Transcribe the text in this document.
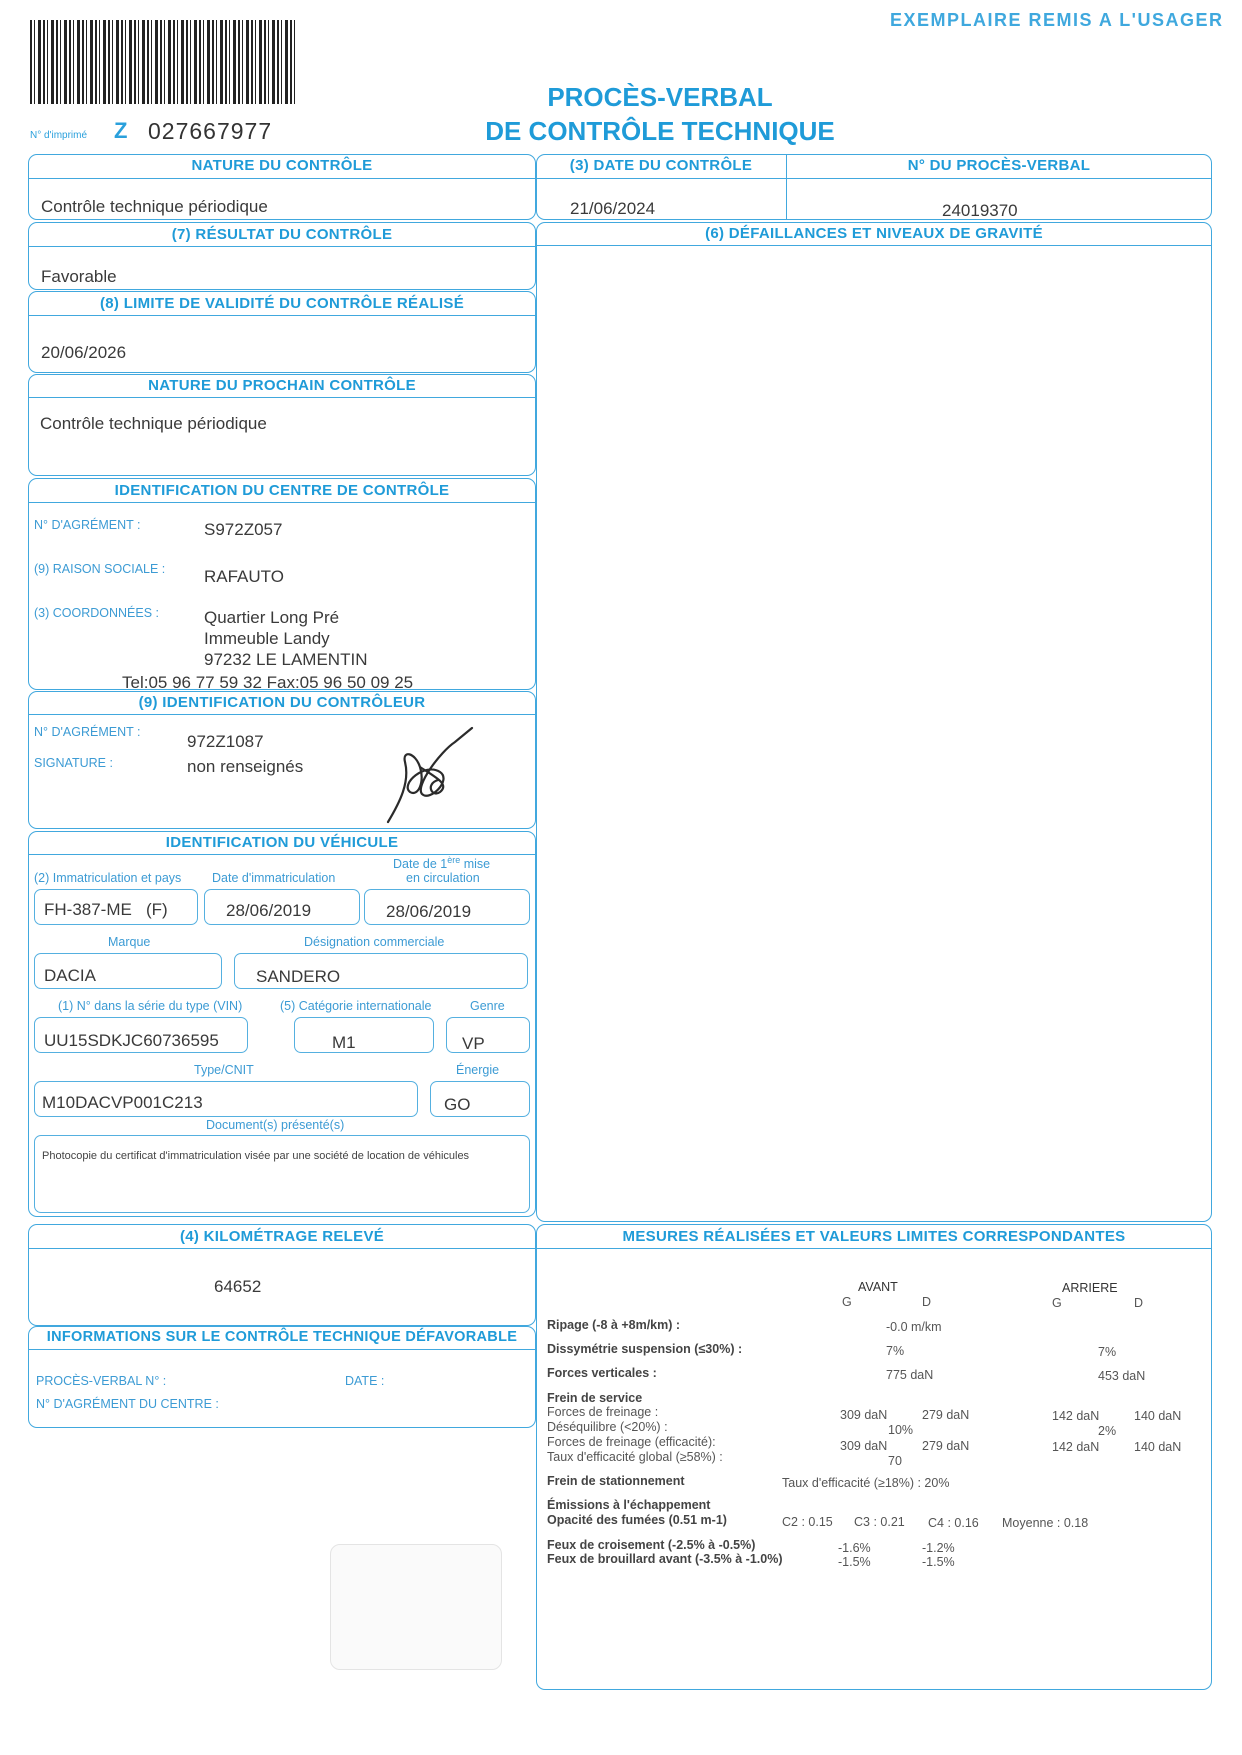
EXEMPLAIRE REMIS A L'USAGER
N° d'imprimé Z 027667977
PROCÈS-VERBAL
DE CONTRÔLE TECHNIQUE
NATURE DU CONTRÔLE
Contrôle technique périodique
(7) RÉSULTAT DU CONTRÔLE
Favorable
(8) LIMITE DE VALIDITÉ DU CONTRÔLE RÉALISÉ
20/06/2026
NATURE DU PROCHAIN CONTRÔLE
Contrôle technique périodique
IDENTIFICATION DU CENTRE DE CONTRÔLE
N° D'AGRÉMENT :	S972Z057
(9) RAISON SOCIALE : RAFAUTO
(3) COORDONNÉES :	Quartier Long Pré
Immeuble Landy
97232 LE LAMENTIN
Tel:05 96 77 59 32 Fax:05 96 50 09 25
(9) IDENTIFICATION DU CONTRÔLEUR
N° D'AGRÉMENT :	972Z1087
SIGNATURE :	non renseignés
IDENTIFICATION DU VÉHICULE
(2) Immatriculation et pays Date d'immatriculation
Date de 1ère mise
en circulation
FH-387-ME   (F)	28/06/2019	28/06/2019
Marque	Désignation commerciale
DACIA	SANDERO
(1) N° dans la série du type (VIN)	(5) Catégorie internationale	Genre
UU15SDKJC60736595	M1	VP
Type/CNIT	Énergie
M10DACVP001C213	GO
Document(s) présenté(s)
Photocopie du certificat d'immatriculation visée par une société de location de véhicules
(4) KILOMÉTRAGE RELEVÉ
64652
INFORMATIONS SUR LE CONTRÔLE TECHNIQUE DÉFAVORABLE
PROCÈS-VERBAL N° :	DATE :
N° D'AGRÉMENT DU CENTRE :
(3) DATE DU CONTRÔLE	N° DU PROCÈS-VERBAL
21/06/2024	24019370
(6) DÉFAILLANCES ET NIVEAUX DE GRAVITÉ
MESURES RÉALISÉES ET VALEURS LIMITES CORRESPONDANTES
AVANT	ARRIERE
G	D	G	D
Ripage (-8 à +8m/km) :	-0.0 m/km
Dissymétrie suspension (≤30%) :	7%	7%
Forces verticales :	775 daN	453 daN
Frein de service
Forces de freinage :	309 daN	279 daN	142 daN	140 daN
Déséquilibre (<20%) :	10%	2%
Forces de freinage (efficacité):	309 daN	279 daN	142 daN	140 daN
Taux d'efficacité global (≥58%) :	70
Frein de stationnement	Taux d'efficacité (≥18%) : 20%
Émissions à l'échappement
Opacité des fumées (0.51 m-1)	C2 : 0.15 C3 : 0.21 C4 : 0.16 Moyenne : 0.18
Feux de croisement (-2.5% à -0.5%)	-1.6%	-1.2%
Feux de brouillard avant (-3.5% à -1.0%)	-1.5%	-1.5%
